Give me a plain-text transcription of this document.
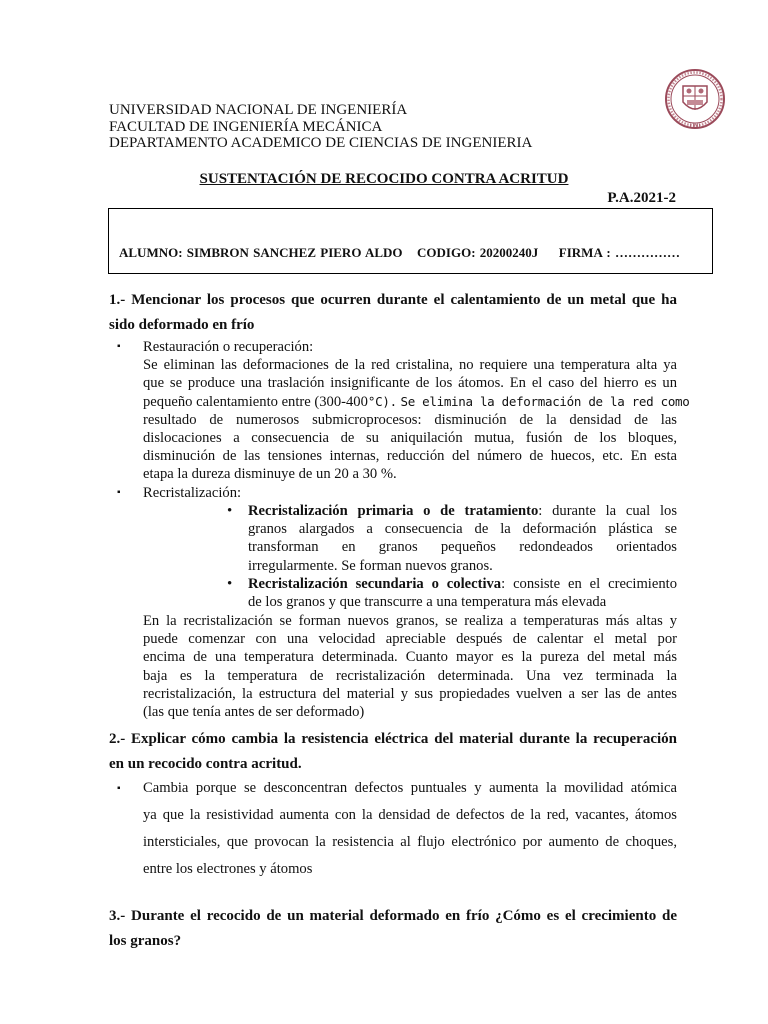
UNIVERSIDAD NACIONAL DE INGENIERÍA
FACULTAD DE INGENIERÍA MECÁNICA
DEPARTAMENTO ACADEMICO DE CIENCIAS DE INGENIERIA
UNI
SUSTENTACIÓN DE RECOCIDO CONTRA ACRITUD
P.A.2021-2
ALUMNO: SIMBRON SANCHEZ PIERO ALDO CODIGO: 20200240J FIRMA : ……………
1.- Mencionar los procesos que ocurren durante el calentamiento de un metal que ha
sido deformado en frío
▪	Restauración o recuperación:
Se eliminan las deformaciones de la red cristalina, no requiere una temperatura alta ya
que se produce una traslación insignificante de los átomos. En el caso del hierro es un
pequeño calentamiento entre (300-400°C). Se elimina la deformación de la red como
resultado de numerosos submicroprocesos: disminución de la densidad de las
dislocaciones a consecuencia de su aniquilación mutua, fusión de los bloques,
disminución de las tensiones internas, reducción del número de huecos, etc. En esta
etapa la dureza disminuye de un 20 a 30 %.
▪	Recristalización:
• Recristalización primaria o de tratamiento: durante la cual los
granos alargados a consecuencia de la deformación plástica se
transforman en granos pequeños redondeados orientados
irregularmente. Se forman nuevos granos.
• Recristalización secundaria o colectiva: consiste en el crecimiento
de los granos y que transcurre a una temperatura más elevada
En la recristalización se forman nuevos granos, se realiza a temperaturas más altas y
puede comenzar con una velocidad apreciable después de calentar el metal por
encima de una temperatura determinada. Cuanto mayor es la pureza del metal más
baja es la temperatura de recristalización determinada. Una vez terminada la
recristalización, la estructura del material y sus propiedades vuelven a ser las de antes
(las que tenía antes de ser deformado)
2.- Explicar cómo cambia la resistencia eléctrica del material durante la recuperación
en un recocido contra acritud.
▪	Cambia porque se desconcentran defectos puntuales y aumenta la movilidad atómica
ya que la resistividad aumenta con la densidad de defectos de la red, vacantes, átomos
intersticiales, que provocan la resistencia al flujo electrónico por aumento de choques,
entre los electrones y átomos
3.- Durante el recocido de un material deformado en frío ¿Cómo es el crecimiento de
los granos?
